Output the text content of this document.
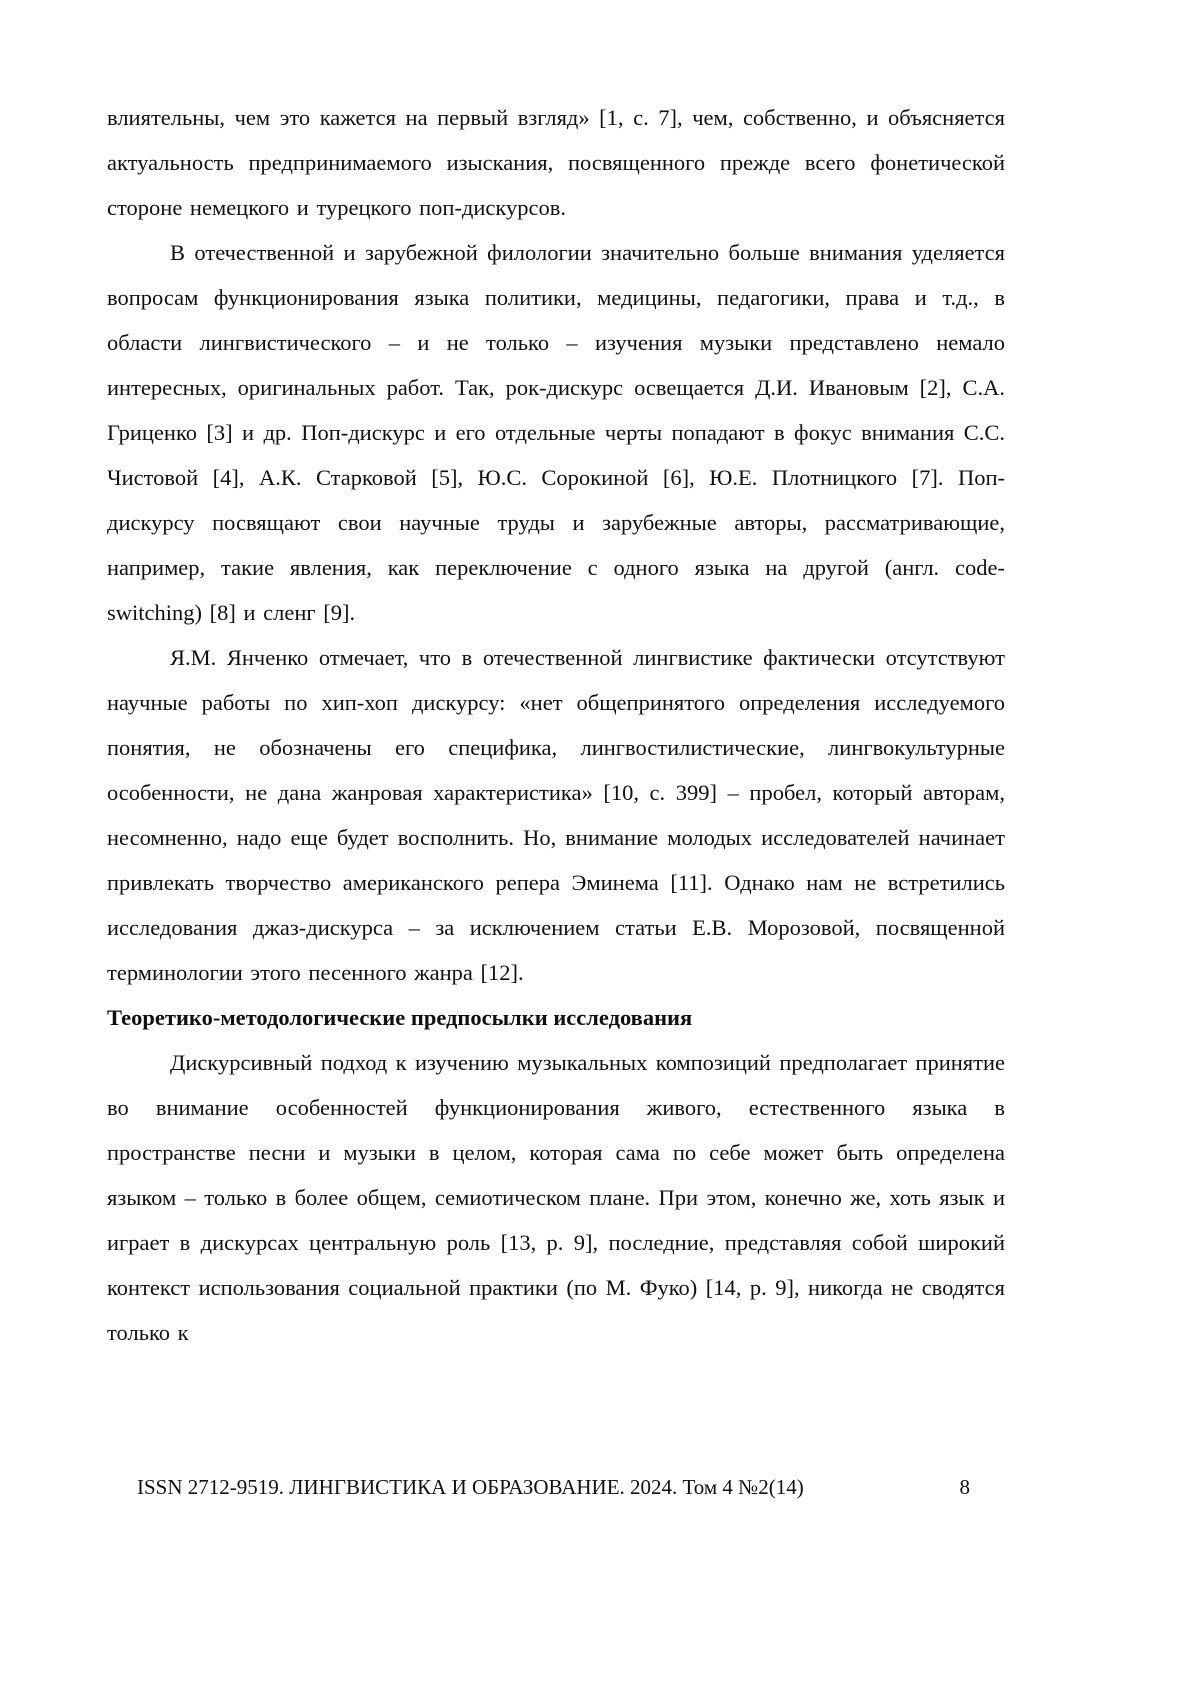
влиятельны, чем это кажется на первый взгляд» [1, с. 7], чем, собственно, и объясняется актуальность предпринимаемого изыскания, посвященного прежде всего фонетической стороне немецкого и турецкого поп-дискурсов.

В отечественной и зарубежной филологии значительно больше внимания уделяется вопросам функционирования языка политики, медицины, педагогики, права и т.д., в области лингвистического – и не только – изучения музыки представлено немало интересных, оригинальных работ. Так, рок-дискурс освещается Д.И. Ивановым [2], С.А. Гриценко [3] и др. Поп-дискурс и его отдельные черты попадают в фокус внимания С.С. Чистовой [4], А.К. Старковой [5], Ю.С. Сорокиной [6], Ю.Е. Плотницкого [7]. Поп-дискурсу посвящают свои научные труды и зарубежные авторы, рассматривающие, например, такие явления, как переключение с одного языка на другой (англ. code-switching) [8] и сленг [9].

Я.М. Янченко отмечает, что в отечественной лингвистике фактически отсутствуют научные работы по хип-хоп дискурсу: «нет общепринятого определения исследуемого понятия, не обозначены его специфика, лингвостилистические, лингвокультурные особенности, не дана жанровая характеристика» [10, с. 399] – пробел, который авторам, несомненно, надо еще будет восполнить. Но, внимание молодых исследователей начинает привлекать творчество американского репера Эминема [11]. Однако нам не встретились исследования джаз-дискурса – за исключением статьи Е.В. Морозовой, посвященной терминологии этого песенного жанра [12].

Теоретико-методологические предпосылки исследования

Дискурсивный подход к изучению музыкальных композиций предполагает принятие во внимание особенностей функционирования живого, естественного языка в пространстве песни и музыки в целом, которая сама по себе может быть определена языком – только в более общем, семиотическом плане. При этом, конечно же, хоть язык и играет в дискурсах центральную роль [13, p. 9], последние, представляя собой широкий контекст использования социальной практики (по М. Фуко) [14, p. 9], никогда не сводятся только к

ISSN 2712-9519. ЛИНГВИСТИКА И ОБРАЗОВАНИЕ. 2024. Том 4 №2(14)	8
